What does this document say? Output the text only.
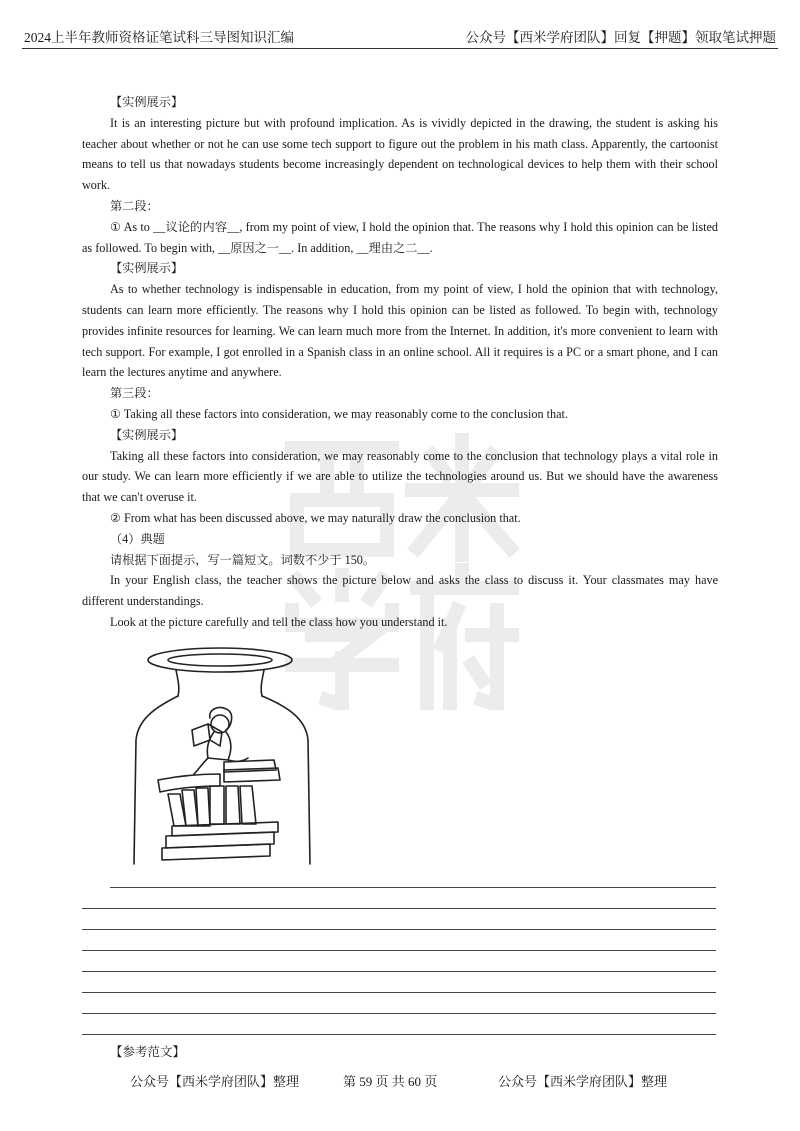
2024上半年教师资格证笔试科三导图知识汇编	公众号【西米学府团队】回复【押题】领取笔试押题

【实例展示】

It is an interesting picture but with profound implication. As is vividly depicted in the drawing, the student is asking his teacher about whether or not he can use some tech support to figure out the problem in his math class. Apparently, the cartoonist means to tell us that nowadays students become increasingly dependent on technological devices to help them with their school work.

第二段：

① As to __议论的内容__, from my point of view, I hold the opinion that. The reasons why I hold this opinion can be listed as followed. To begin with, __原因之一__. In addition, __理由之二__.

【实例展示】

As to whether technology is indispensable in education, from my point of view, I hold the opinion that with technology, students can learn more efficiently. The reasons why I hold this opinion can be listed as followed. To begin with, technology provides infinite resources for learning. We can learn much more from the Internet. In addition, it's more convenient to learn with tech support. For example, I got enrolled in a Spanish class in an online school. All it requires is a PC or a smart phone, and I can learn the lectures anytime and anywhere.

第三段：

① Taking all these factors into consideration, we may reasonably come to the conclusion that.

【实例展示】

Taking all these factors into consideration, we may reasonably come to the conclusion that technology plays a vital role in our study. We can learn more efficiently if we are able to utilize the technologies around us. But we should have the awareness that we can't overuse it.

② From what has been discussed above, we may naturally draw the conclusion that.

（4）典题

请根据下面提示，写一篇短文。词数不少于 150。

In your English class, the teacher shows the picture below and asks the class to discuss it. Your classmates may have different understandings.

Look at the picture carefully and tell the class how you understand it.

【参考范文】
公众号【西米学府团队】整理	第 59 页 共 60 页	公众号【西米学府团队】整理
